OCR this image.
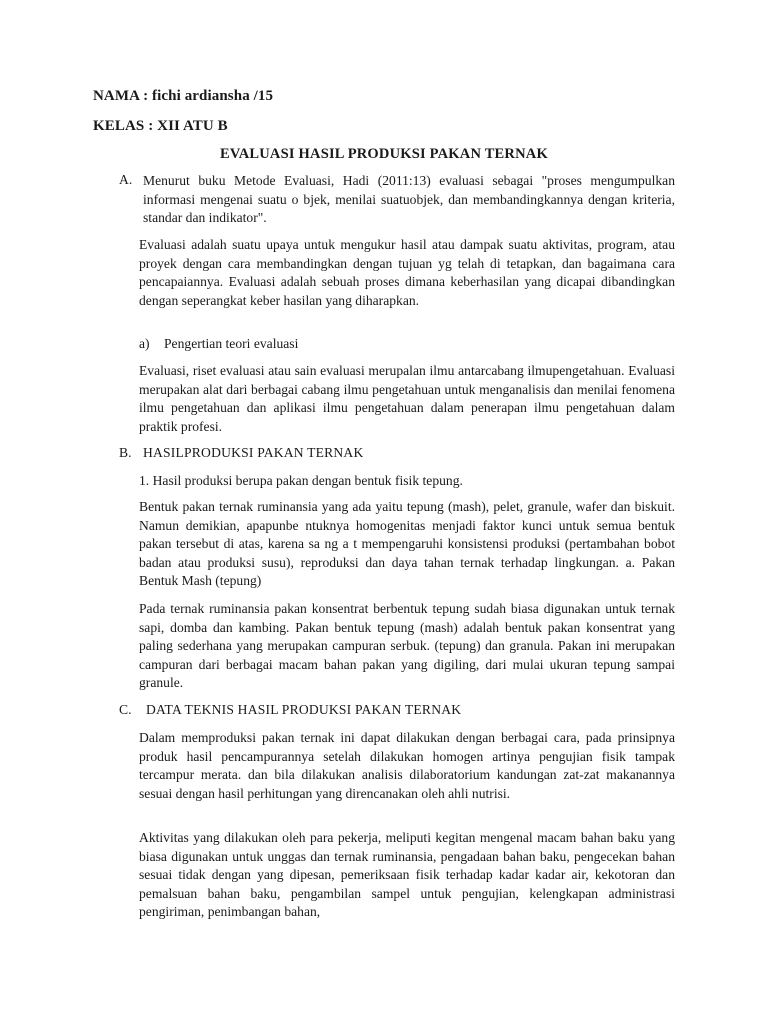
NAMA : fichi ardiansha /15
KELAS : XII ATU B
EVALUASI HASIL PRODUKSI PAKAN TERNAK
A. Menurut buku Metode Evaluasi, Hadi (2011:13) evaluasi sebagai "proses mengumpulkan informasi mengenai suatu o bjek, menilai suatuobjek, dan membandingkannya dengan kriteria, standar dan indikator".
Evaluasi adalah suatu upaya untuk mengukur hasil atau dampak suatu aktivitas, program, atau proyek dengan cara membandingkan dengan tujuan yg telah di tetapkan, dan bagaimana cara pencapaiannya. Evaluasi adalah sebuah proses dimana keberhasilan yang dicapai dibandingkan dengan seperangkat keber hasilan yang diharapkan.
a) Pengertian teori evaluasi
Evaluasi, riset evaluasi atau sain evaluasi merupalan ilmu antarcabang ilmupengetahuan. Evaluasi merupakan alat dari berbagai cabang ilmu pengetahuan untuk menganalisis dan menilai fenomena ilmu pengetahuan dan aplikasi ilmu pengetahuan dalam penerapan ilmu pengetahuan dalam praktik profesi.
B. HASILPRODUKSI PAKAN TERNAK
1. Hasil produksi berupa pakan dengan bentuk fisik tepung.
Bentuk pakan ternak ruminansia yang ada yaitu tepung (mash), pelet, granule, wafer dan biskuit. Namun demikian, apapunbe ntuknya homogenitas menjadi faktor kunci untuk semua bentuk pakan tersebut di atas, karena sa ng a t mempengaruhi konsistensi produksi (pertambahan bobot badan atau produksi susu), reproduksi dan daya tahan ternak terhadap lingkungan. a. Pakan Bentuk Mash (tepung)
Pada ternak ruminansia pakan konsentrat berbentuk tepung sudah biasa digunakan untuk ternak sapi, domba dan kambing. Pakan bentuk tepung (mash) adalah bentuk pakan konsentrat yang paling sederhana yang merupakan campuran serbuk. (tepung) dan granula. Pakan ini merupakan campuran dari berbagai macam bahan pakan yang digiling, dari mulai ukuran tepung sampai granule.
C. DATA TEKNIS HASIL PRODUKSI PAKAN TERNAK
Dalam memproduksi pakan ternak ini dapat dilakukan dengan berbagai cara, pada prinsipnya produk hasil pencampurannya setelah dilakukan homogen artinya pengujian fisik tampak tercampur merata. dan bila dilakukan analisis dilaboratorium kandungan zat-zat makanannya sesuai dengan hasil perhitungan yang direncanakan oleh ahli nutrisi.
Aktivitas yang dilakukan oleh para pekerja, meliputi kegitan mengenal macam bahan baku yang biasa digunakan untuk unggas dan ternak ruminansia, pengadaan bahan baku, pengecekan bahan sesuai tidak dengan yang dipesan, pemeriksaan fisik terhadap kadar kadar air, kekotoran dan pemalsuan bahan baku, pengambilan sampel untuk pengujian, kelengkapan administrasi pengiriman, penimbangan bahan,
